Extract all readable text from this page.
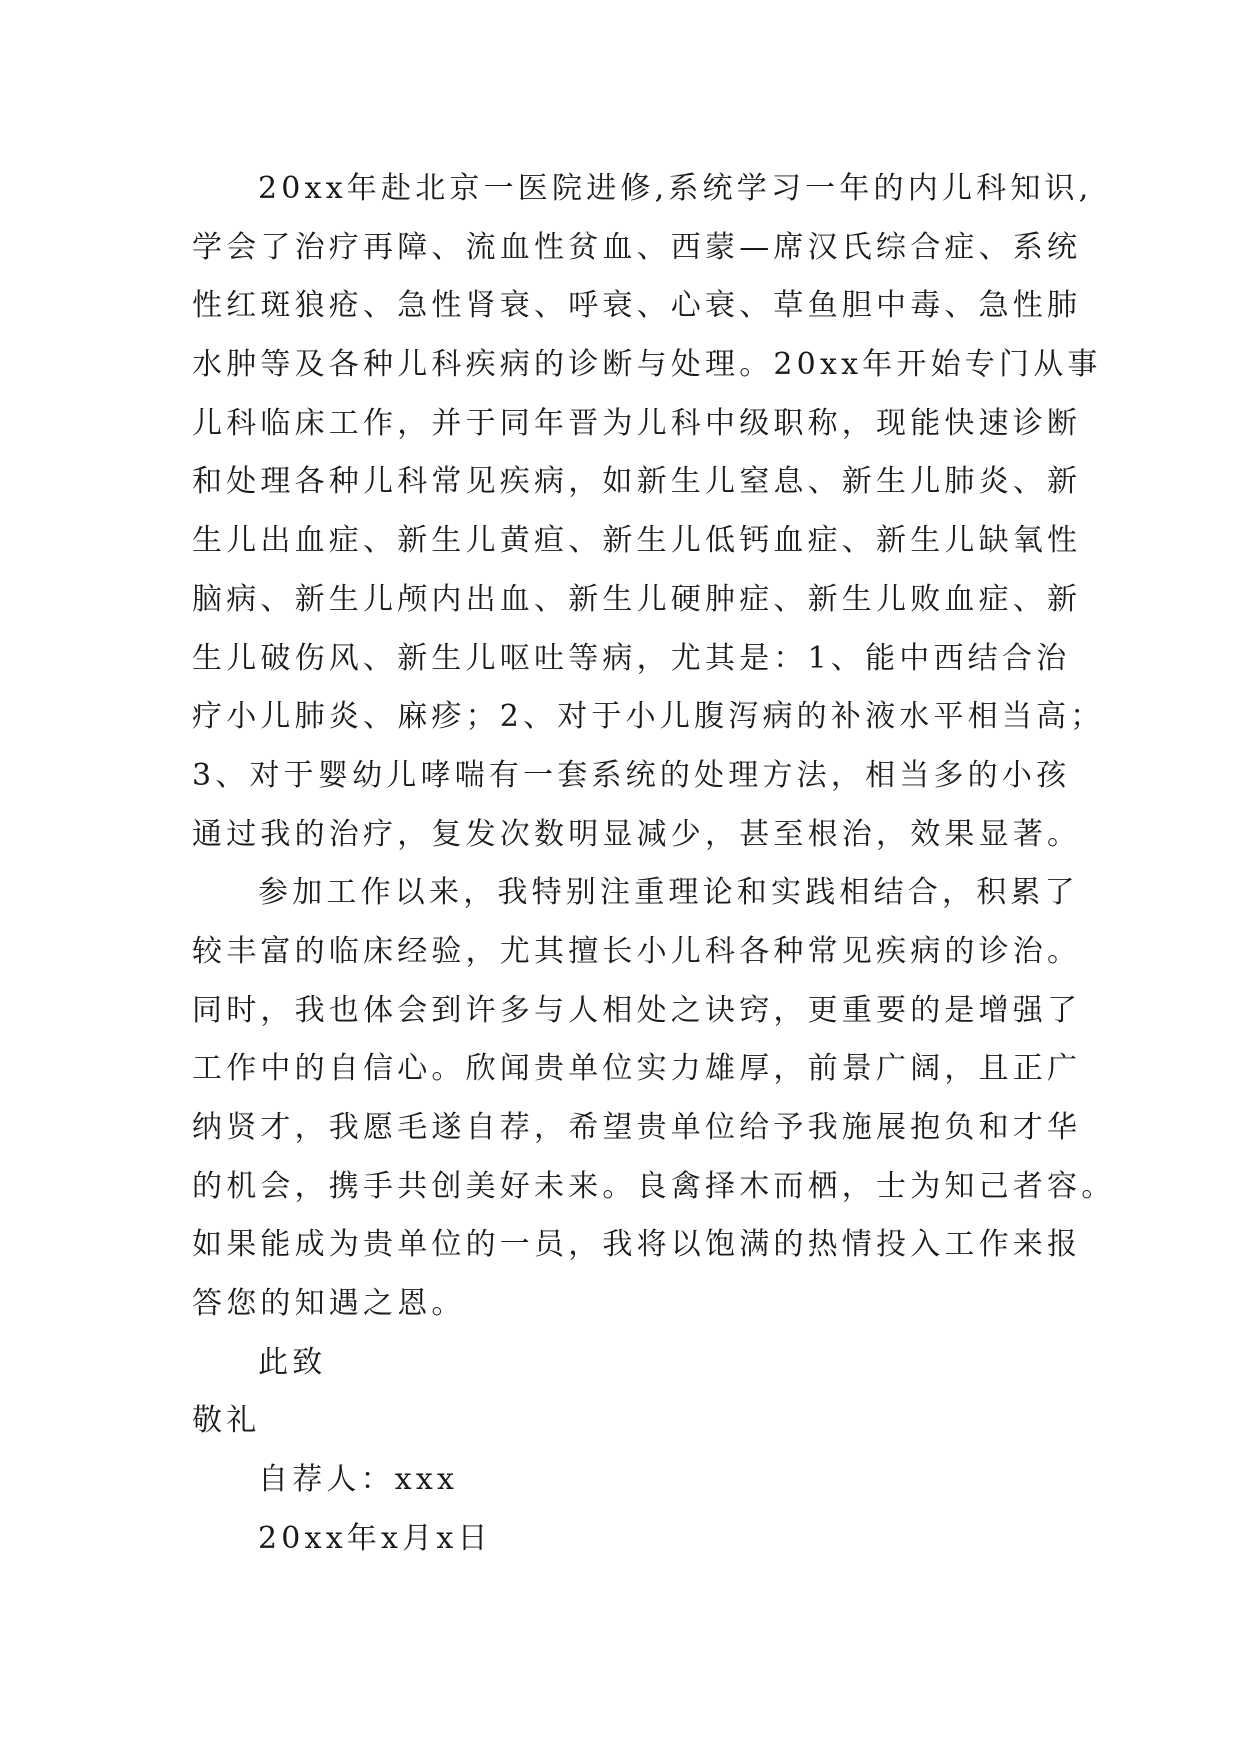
20xx年赴北京一医院进修,系统学习一年的内儿科知识,
学会了治疗再障、流血性贫血、西蒙—席汉氏综合症、系统
性红斑狼疮、急性肾衰、呼衰、心衰、草鱼胆中毒、急性肺
水肿等及各种儿科疾病的诊断与处理。20xx年开始专门从事
儿科临床工作，并于同年晋为儿科中级职称，现能快速诊断
和处理各种儿科常见疾病，如新生儿窒息、新生儿肺炎、新
生儿出血症、新生儿黄疸、新生儿低钙血症、新生儿缺氧性
脑病、新生儿颅内出血、新生儿硬肿症、新生儿败血症、新
生儿破伤风、新生儿呕吐等病，尤其是：1、能中西结合治
疗小儿肺炎、麻疹；2、对于小儿腹泻病的补液水平相当高；
3、对于婴幼儿哮喘有一套系统的处理方法，相当多的小孩
通过我的治疗，复发次数明显减少，甚至根治，效果显著。
参加工作以来，我特别注重理论和实践相结合，积累了
较丰富的临床经验，尤其擅长小儿科各种常见疾病的诊治。
同时，我也体会到许多与人相处之诀窍，更重要的是增强了
工作中的自信心。欣闻贵单位实力雄厚，前景广阔，且正广
纳贤才，我愿毛遂自荐，希望贵单位给予我施展抱负和才华
的机会，携手共创美好未来。良禽择木而栖，士为知己者容。
如果能成为贵单位的一员，我将以饱满的热情投入工作来报
答您的知遇之恩。
此致
敬礼
自荐人：xxx
20xx年x月x日
